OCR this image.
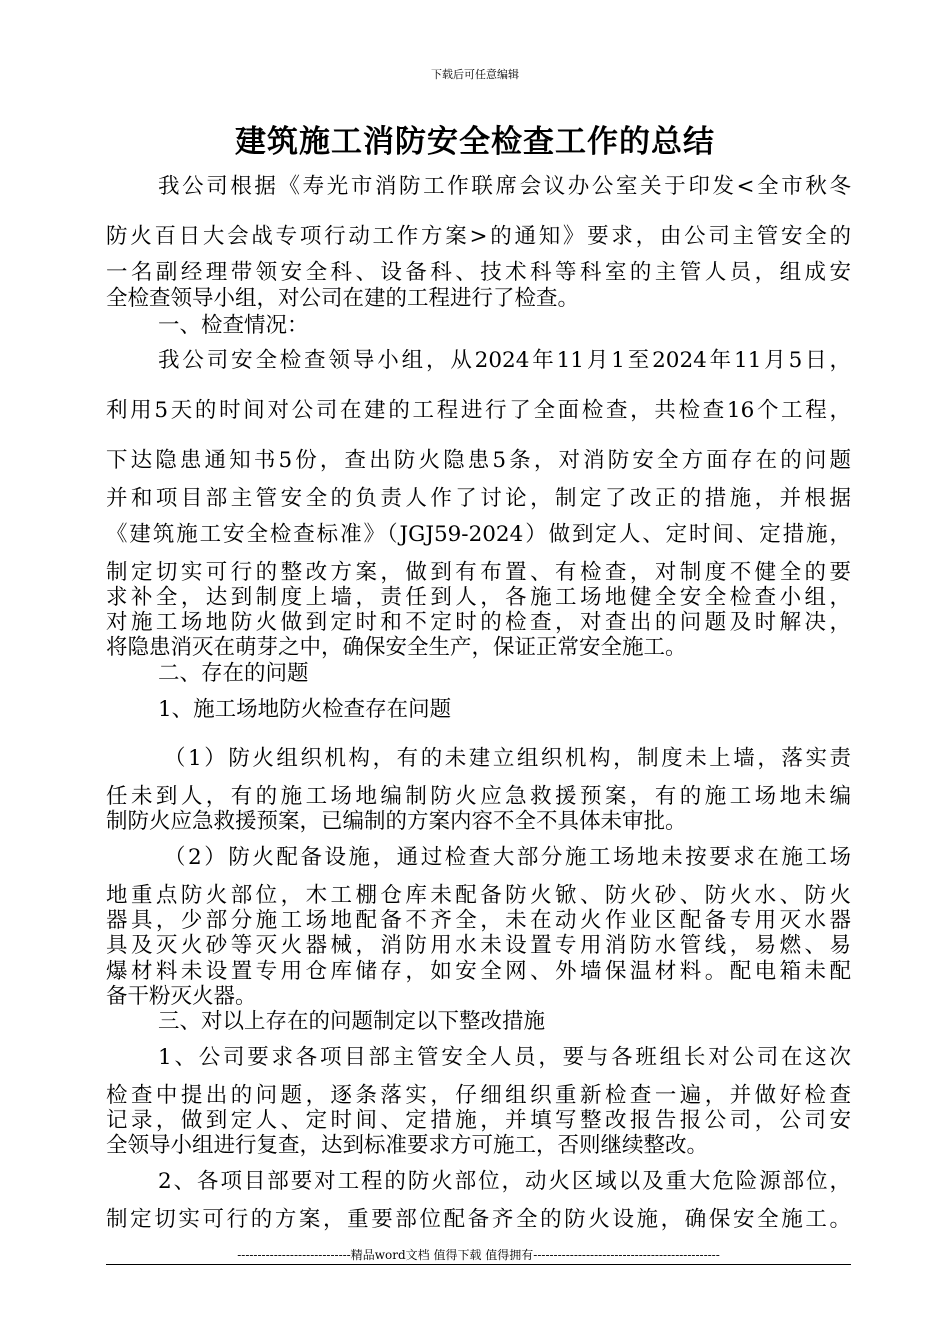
下载后可任意编辑
建筑施工消防安全检查工作的总结
我公司根据《寿光市消防工作联席会议办公室关于印发<全市秋冬
防火百日大会战专项行动工作方案>的通知》要求，由公司主管安全的
一名副经理带领安全科、设备科、技术科等科室的主管人员，组成安
全检查领导小组，对公司在建的工程进行了检查。
一、检查情况：
我公司安全检查领导小组，从2024年11月1至2024年11月5日，
利用5天的时间对公司在建的工程进行了全面检查，共检查16个工程，
下达隐患通知书5份，查出防火隐患5条，对消防安全方面存在的问题
并和项目部主管安全的负责人作了讨论，制定了改正的措施，并根据
《建筑施工安全检查标准》（JGJ59-2024）做到定人、定时间、定措施，
制定切实可行的整改方案，做到有布置、有检查，对制度不健全的要
求补全，达到制度上墙，责任到人，各施工场地健全安全检查小组，
对施工场地防火做到定时和不定时的检查，对查出的问题及时解决，
将隐患消灭在萌芽之中，确保安全生产，保证正常安全施工。
二、存在的问题
1、施工场地防火检查存在问题
（1）防火组织机构，有的未建立组织机构，制度未上墙，落实责
任未到人，有的施工场地编制防火应急救援预案，有的施工场地未编
制防火应急救援预案，已编制的方案内容不全不具体未审批。
（2）防火配备设施，通过检查大部分施工场地未按要求在施工场
地重点防火部位，木工棚仓库未配备防火锨、防火砂、防火水、防火
器具，少部分施工场地配备不齐全，未在动火作业区配备专用灭水器
具及灭火砂等灭火器械，消防用水未设置专用消防水管线，易燃、易
爆材料未设置专用仓库储存，如安全网、外墙保温材料。配电箱未配
备干粉灭火器。
三、对以上存在的问题制定以下整改措施
1、公司要求各项目部主管安全人员，要与各班组长对公司在这次
检查中提出的问题，逐条落实，仔细组织重新检查一遍，并做好检查
记录，做到定人、定时间、定措施，并填写整改报告报公司，公司安
全领导小组进行复查，达到标准要求方可施工，否则继续整改。
2、各项目部要对工程的防火部位，动火区域以及重大危险源部位，
制定切实可行的方案，重要部位配备齐全的防火设施，确保安全施工。
----------------------------精品word文档 值得下载 值得拥有----------------------------------------------
